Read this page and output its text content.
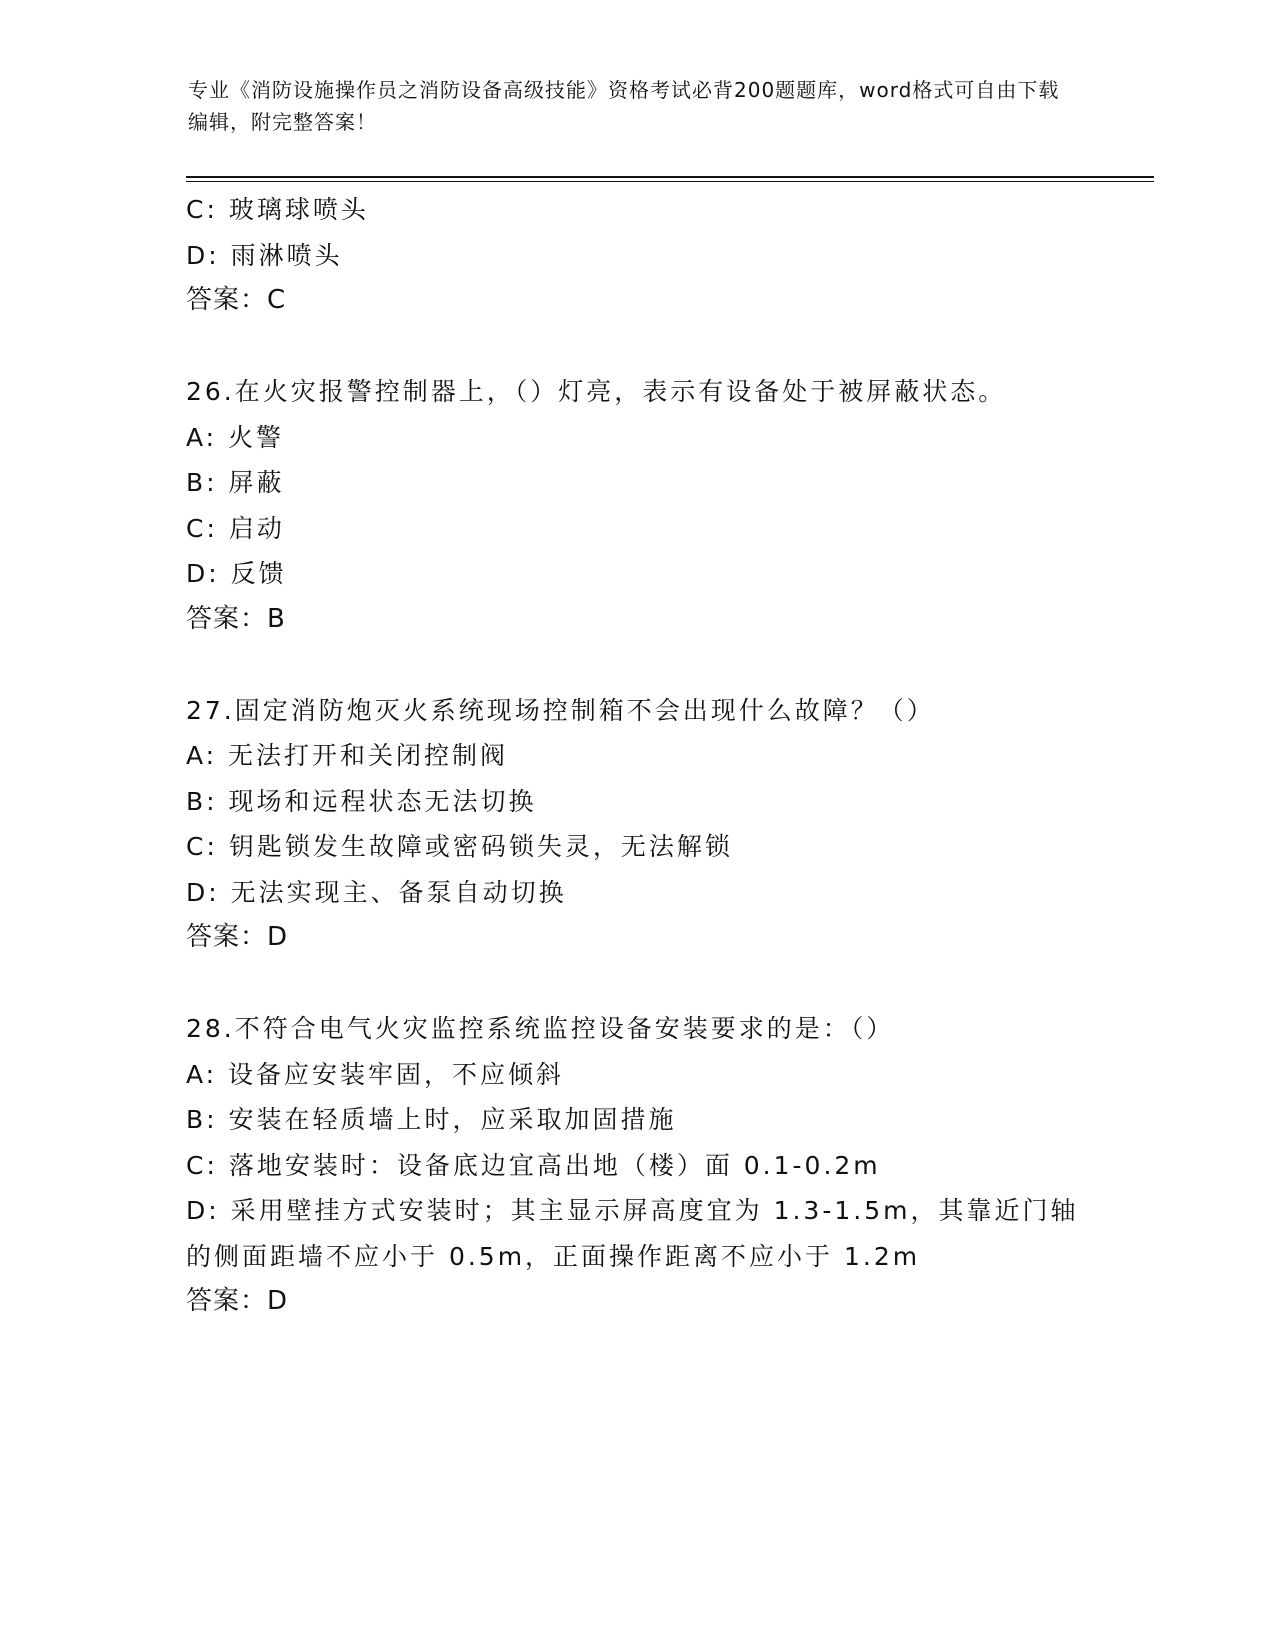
专业《消防设施操作员之消防设备高级技能》资格考试必背200题题库，word格式可自由下载编辑，附完整答案！
C: 玻璃球喷头
D: 雨淋喷头
答案：C
26.在火灾报警控制器上，（）灯亮，表示有设备处于被屏蔽状态。
A: 火警
B: 屏蔽
C: 启动
D: 反馈
答案：B
27.固定消防炮灭火系统现场控制箱不会出现什么故障？（）
A: 无法打开和关闭控制阀
B: 现场和远程状态无法切换
C: 钥匙锁发生故障或密码锁失灵，无法解锁
D: 无法实现主、备泵自动切换
答案：D
28.不符合电气火灾监控系统监控设备安装要求的是：（）
A: 设备应安装牢固，不应倾斜
B: 安装在轻质墙上时，应采取加固措施
C: 落地安装时：设备底边宜高出地（楼）面 0.1-0.2m
D: 采用壁挂方式安装时；其主显示屏高度宜为 1.3-1.5m，其靠近门轴的侧面距墙不应小于 0.5m，正面操作距离不应小于 1.2m
答案：D
